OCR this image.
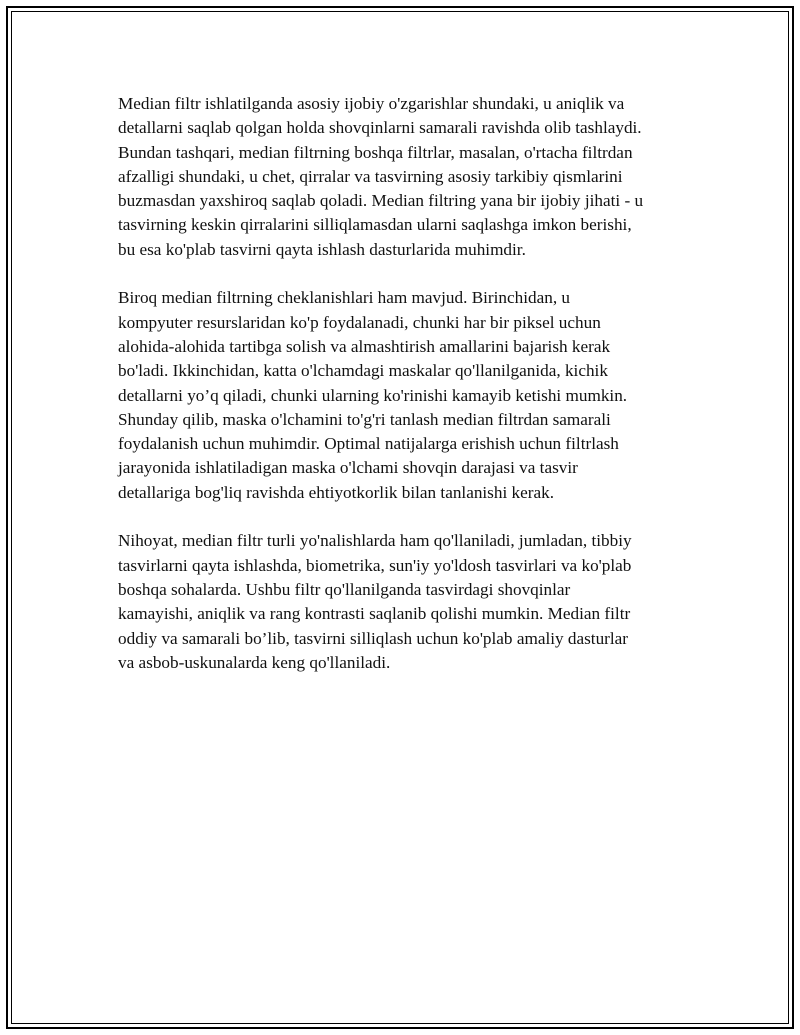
Median filtr ishlatilganda asosiy ijobiy o'zgarishlar shundaki, u aniqlik va
detallarni saqlab qolgan holda shovqinlarni samarali ravishda olib tashlaydi.
Bundan tashqari, median filtrning boshqa filtrlar, masalan, o'rtacha filtrdan
afzalligi shundaki, u chet, qirralar va tasvirning asosiy tarkibiy qismlarini
buzmasdan yaxshiroq saqlab qoladi. Median filtring yana bir ijobiy jihati - u
tasvirning keskin qirralarini silliqlamasdan ularni saqlashga imkon berishi,
bu esa ko'plab tasvirni qayta ishlash dasturlarida muhimdir.

Biroq median filtrning cheklanishlari ham mavjud. Birinchidan, u
kompyuter resurslaridan ko'p foydalanadi, chunki har bir piksel uchun
alohida-alohida tartibga solish va almashtirish amallarini bajarish kerak
bo'ladi. Ikkinchidan, katta o'lchamdagi maskalar qo'llanilganida, kichik
detallarni yo’q qiladi, chunki ularning ko'rinishi kamayib ketishi mumkin.
Shunday qilib, maska o'lchamini to'g'ri tanlash median filtrdan samarali
foydalanish uchun muhimdir. Optimal natijalarga erishish uchun filtrlash
jarayonida ishlatiladigan maska o'lchami shovqin darajasi va tasvir
detallariga bog'liq ravishda ehtiyotkorlik bilan tanlanishi kerak.

Nihoyat, median filtr turli yo'nalishlarda ham qo'llaniladi, jumladan, tibbiy
tasvirlarni qayta ishlashda, biometrika, sun'iy yo'ldosh tasvirlari va ko'plab
boshqa sohalarda. Ushbu filtr qo'llanilganda tasvirdagi shovqinlar
kamayishi, aniqlik va rang kontrasti saqlanib qolishi mumkin. Median filtr
oddiy va samarali bo’lib, tasvirni silliqlash uchun ko'plab amaliy dasturlar
va asbob-uskunalarda keng qo'llaniladi.
